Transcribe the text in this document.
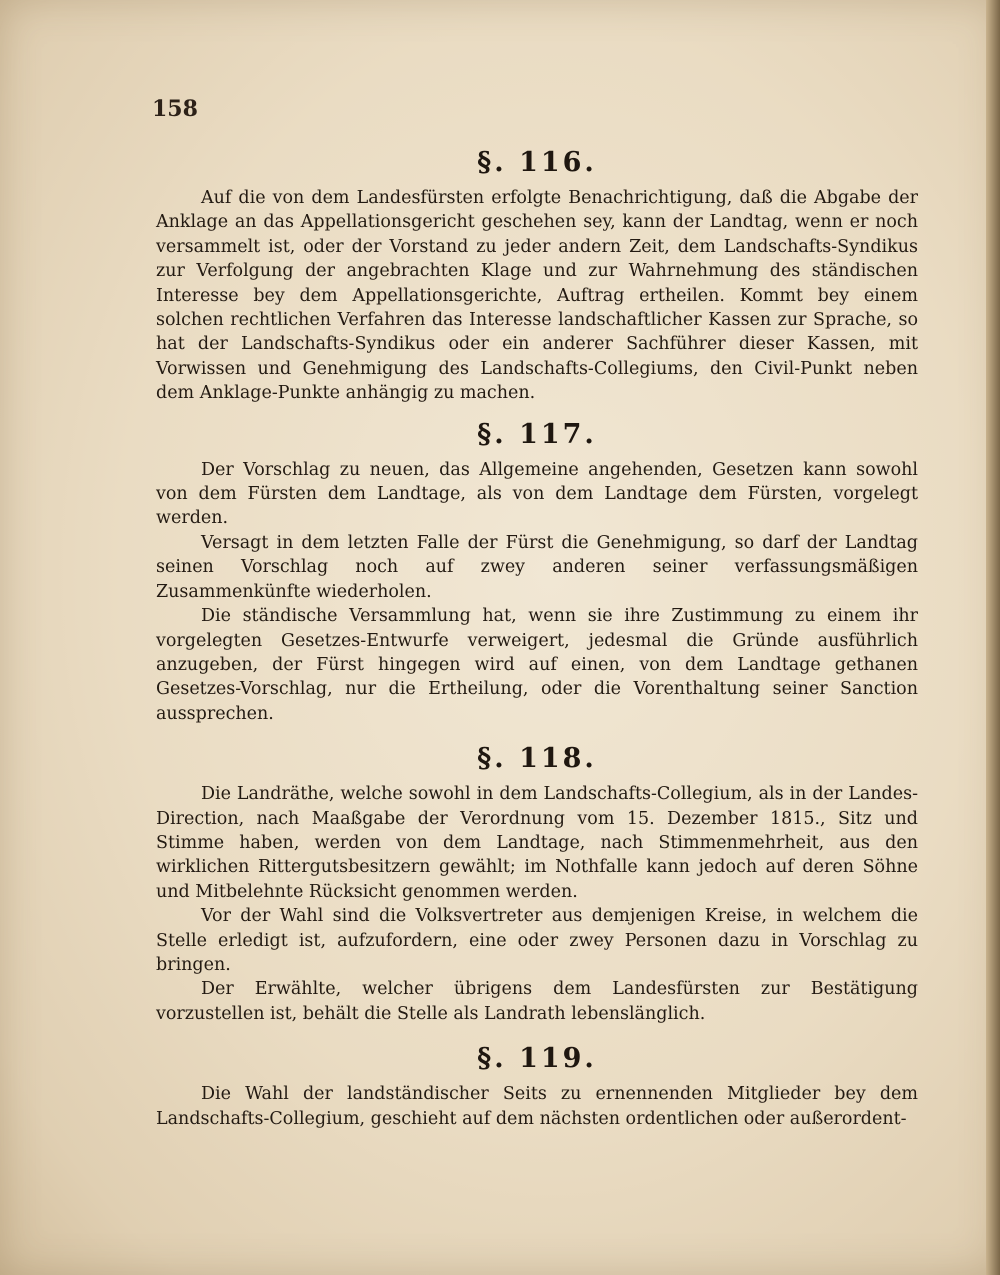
158
§. 116.

Auf die von dem Landesfürsten erfolgte Benachrichtigung, daß die Abgabe der Anklage an das Appellationsgericht geschehen sey, kann der Landtag, wenn er noch versammelt ist, oder der Vorstand zu jeder andern Zeit, dem Landschafts-Syndikus zur Verfolgung der angebrachten Klage und zur Wahrnehmung des ständischen Interesse bey dem Appellationsgerichte, Auftrag ertheilen. Kommt bey einem solchen rechtlichen Verfahren das Interesse landschaftlicher Kassen zur Sprache, so hat der Landschafts-Syndikus oder ein anderer Sachführer dieser Kassen, mit Vorwissen und Genehmigung des Landschafts-Collegiums, den Civil-Punkt neben dem Anklage-Punkte anhängig zu machen.

§. 117.

Der Vorschlag zu neuen, das Allgemeine angehenden, Gesetzen kann sowohl von dem Fürsten dem Landtage, als von dem Landtage dem Fürsten, vorgelegt werden.

Versagt in dem letzten Falle der Fürst die Genehmigung, so darf der Landtag seinen Vorschlag noch auf zwey anderen seiner verfassungsmäßigen Zusammenkünfte wiederholen.

Die ständische Versammlung hat, wenn sie ihre Zustimmung zu einem ihr vorgelegten Gesetzes-Entwurfe verweigert, jedesmal die Gründe ausführlich anzugeben, der Fürst hingegen wird auf einen, von dem Landtage gethanen Gesetzes-Vorschlag, nur die Ertheilung, oder die Vorenthaltung seiner Sanction aussprechen.

§. 118.

Die Landräthe, welche sowohl in dem Landschafts-Collegium, als in der Landes-Direction, nach Maaßgabe der Verordnung vom 15. Dezember 1815., Sitz und Stimme haben, werden von dem Landtage, nach Stimmenmehrheit, aus den wirklichen Rittergutsbesitzern gewählt; im Nothfalle kann jedoch auf deren Söhne und Mitbelehnte Rücksicht genommen werden.

Vor der Wahl sind die Volksvertreter aus demjenigen Kreise, in welchem die Stelle erledigt ist, aufzufordern, eine oder zwey Personen dazu in Vorschlag zu bringen.

Der Erwählte, welcher übrigens dem Landesfürsten zur Bestätigung vorzustellen ist, behält die Stelle als Landrath lebenslänglich.

§. 119.

Die Wahl der landständischer Seits zu ernennenden Mitglieder bey dem Landschafts-Collegium, geschieht auf dem nächsten ordentlichen oder außerordent-
